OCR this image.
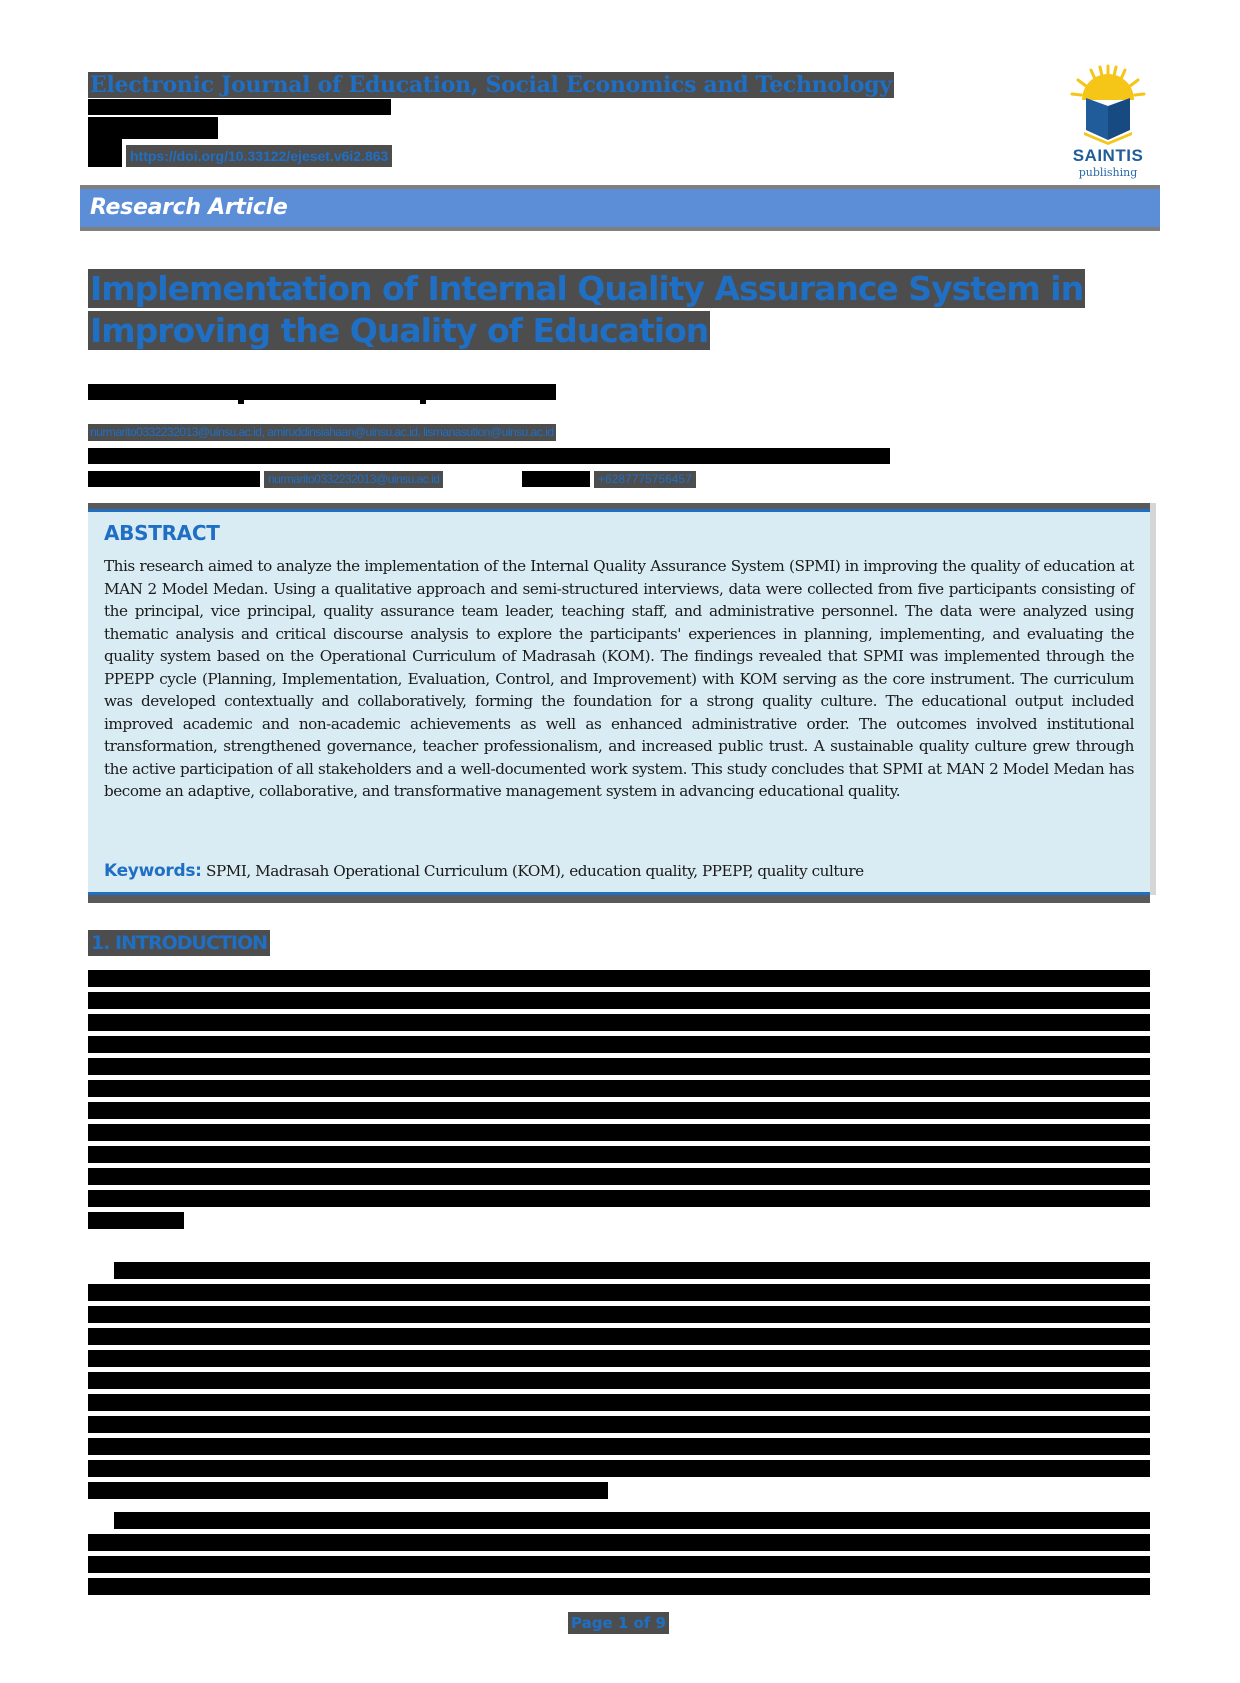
Electronic Journal of Education, Social Economics and Technology
https://doi.org/10.33122/ejeset.v6i2.863	SAINTIS
publishing
Research Article
Implementation of Internal Quality Assurance System in
Improving the Quality of Education
nurmarito0332232013@uinsu.ac.id, amiruddinsiahaan@uinsu.ac.id, lismanasution@uinsu.ac.id
nurmarito0332232013@uinsu.ac.id	+6287775756457
ABSTRACT

This research aimed to analyze the implementation of the Internal Quality Assurance System (SPMI) in improving the quality of education at MAN 2 Model Medan. Using a qualitative approach and semi-structured interviews, data were collected from five participants consisting of the principal, vice principal, quality assurance team leader, teaching staff, and administrative personnel. The data were analyzed using thematic analysis and critical discourse analysis to explore the participants' experiences in planning, implementing, and evaluating the quality system based on the Operational Curriculum of Madrasah (KOM). The findings revealed that SPMI was implemented through the PPEPP cycle (Planning, Implementation, Evaluation, Control, and Improvement) with KOM serving as the core instrument. The curriculum was developed contextually and collaboratively, forming the foundation for a strong quality culture. The educational output included improved academic and non-academic achievements as well as enhanced administrative order. The outcomes involved institutional transformation, strengthened governance, teacher professionalism, and increased public trust. A sustainable quality culture grew through the active participation of all stakeholders and a well-documented work system. This study concludes that SPMI at MAN 2 Model Medan has become an adaptive, collaborative, and transformative management system in advancing educational quality.

Keywords: SPMI, Madrasah Operational Curriculum (KOM), education quality, PPEPP, quality culture
1. INTRODUCTION
Page 1 of 9
